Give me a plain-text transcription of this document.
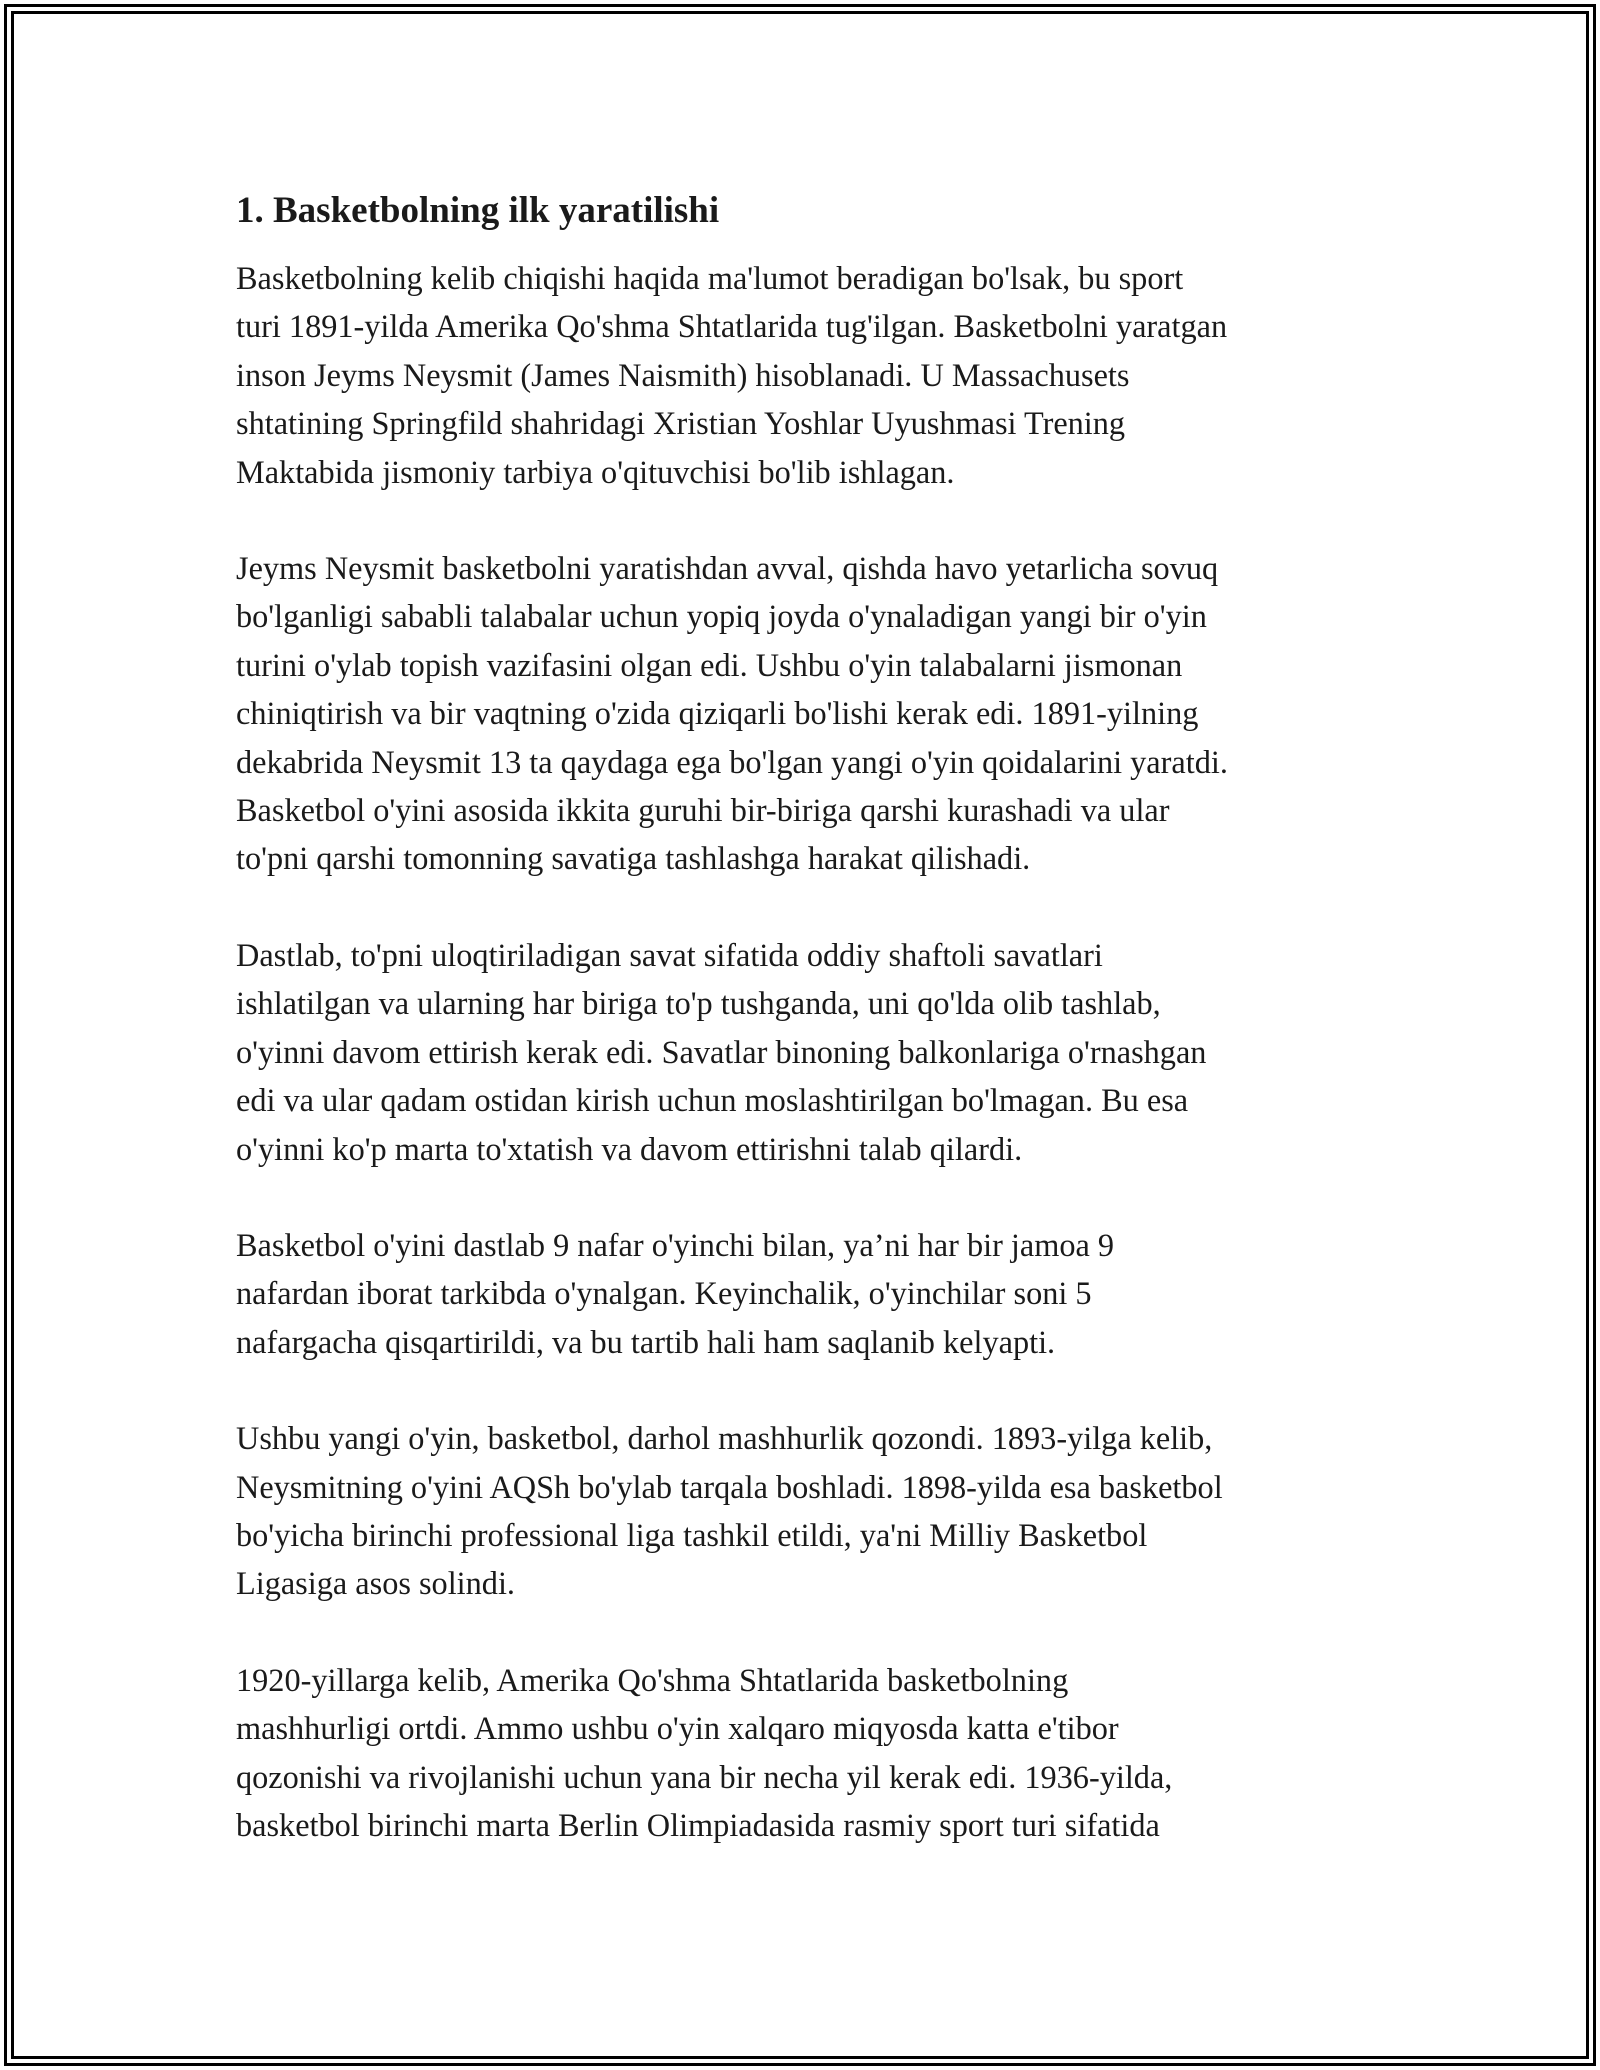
1. Basketbolning ilk yaratilishi

Basketbolning kelib chiqishi haqida ma'lumot beradigan bo'lsak, bu sport
turi 1891-yilda Amerika Qo'shma Shtatlarida tug'ilgan. Basketbolni yaratgan
inson Jeyms Neysmit (James Naismith) hisoblanadi. U Massachusets
shtatining Springfild shahridagi Xristian Yoshlar Uyushmasi Trening
Maktabida jismoniy tarbiya o'qituvchisi bo'lib ishlagan.

Jeyms Neysmit basketbolni yaratishdan avval, qishda havo yetarlicha sovuq
bo'lganligi sababli talabalar uchun yopiq joyda o'ynaladigan yangi bir o'yin
turini o'ylab topish vazifasini olgan edi. Ushbu o'yin talabalarni jismonan
chiniqtirish va bir vaqtning o'zida qiziqarli bo'lishi kerak edi. 1891-yilning
dekabrida Neysmit 13 ta qaydaga ega bo'lgan yangi o'yin qoidalarini yaratdi.
Basketbol o'yini asosida ikkita guruhi bir-biriga qarshi kurashadi va ular
to'pni qarshi tomonning savatiga tashlashga harakat qilishadi.

Dastlab, to'pni uloqtiriladigan savat sifatida oddiy shaftoli savatlari
ishlatilgan va ularning har biriga to'p tushganda, uni qo'lda olib tashlab,
o'yinni davom ettirish kerak edi. Savatlar binoning balkonlariga o'rnashgan
edi va ular qadam ostidan kirish uchun moslashtirilgan bo'lmagan. Bu esa
o'yinni ko'p marta to'xtatish va davom ettirishni talab qilardi.

Basketbol o'yini dastlab 9 nafar o'yinchi bilan, ya’ni har bir jamoa 9
nafardan iborat tarkibda o'ynalgan. Keyinchalik, o'yinchilar soni 5
nafargacha qisqartirildi, va bu tartib hali ham saqlanib kelyapti.

Ushbu yangi o'yin, basketbol, darhol mashhurlik qozondi. 1893-yilga kelib,
Neysmitning o'yini AQSh bo'ylab tarqala boshladi. 1898-yilda esa basketbol
bo'yicha birinchi professional liga tashkil etildi, ya'ni Milliy Basketbol
Ligasiga asos solindi.

1920-yillarga kelib, Amerika Qo'shma Shtatlarida basketbolning
mashhurligi ortdi. Ammo ushbu o'yin xalqaro miqyosda katta e'tibor
qozonishi va rivojlanishi uchun yana bir necha yil kerak edi. 1936-yilda,
basketbol birinchi marta Berlin Olimpiadasida rasmiy sport turi sifatida
